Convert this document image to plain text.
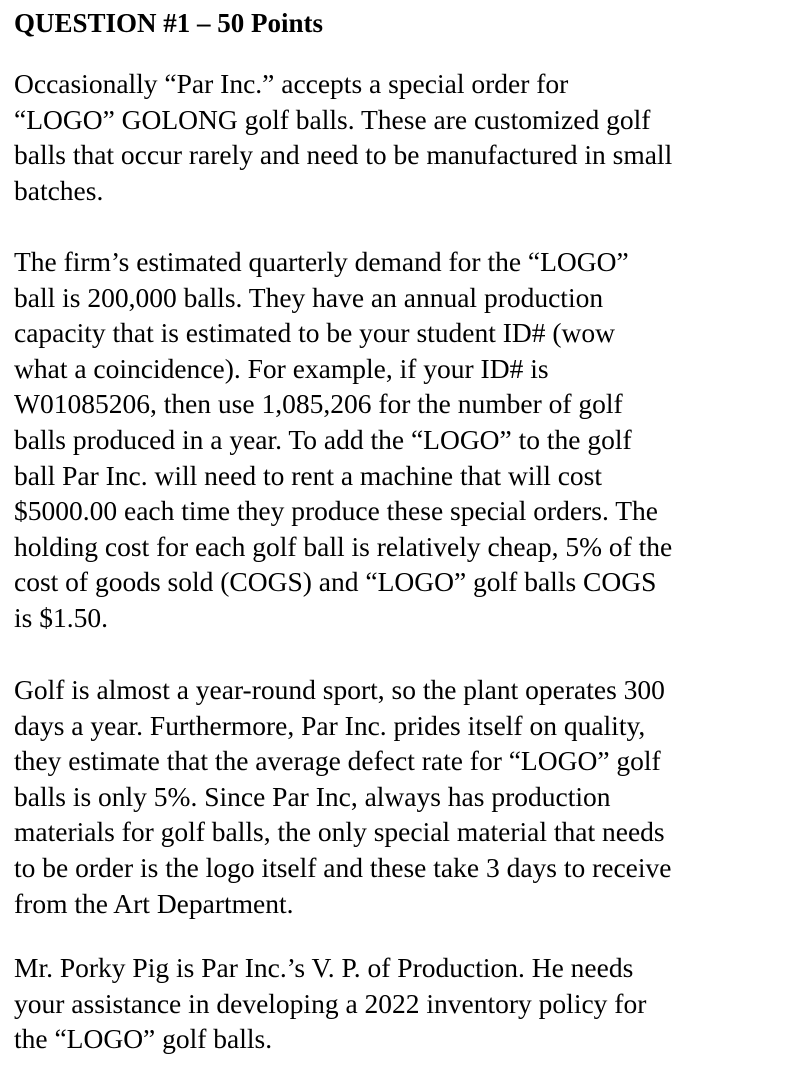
QUESTION #1 – 50 Points

Occasionally “Par Inc.” accepts a special order for
“LOGO” GOLONG golf balls. These are customized golf
balls that occur rarely and need to be manufactured in small
batches.

The firm’s estimated quarterly demand for the “LOGO”
ball is 200,000 balls. They have an annual production
capacity that is estimated to be your student ID# (wow
what a coincidence). For example, if your ID# is
W01085206, then use 1,085,206 for the number of golf
balls produced in a year. To add the “LOGO” to the golf
ball Par Inc. will need to rent a machine that will cost
$5000.00 each time they produce these special orders. The
holding cost for each golf ball is relatively cheap, 5% of the
cost of goods sold (COGS) and “LOGO” golf balls COGS
is $1.50.

Golf is almost a year-round sport, so the plant operates 300
days a year. Furthermore, Par Inc. prides itself on quality,
they estimate that the average defect rate for “LOGO” golf
balls is only 5%. Since Par Inc, always has production
materials for golf balls, the only special material that needs
to be order is the logo itself and these take 3 days to receive
from the Art Department.

Mr. Porky Pig is Par Inc.’s V. P. of Production. He needs
your assistance in developing a 2022 inventory policy for
the “LOGO” golf balls.
